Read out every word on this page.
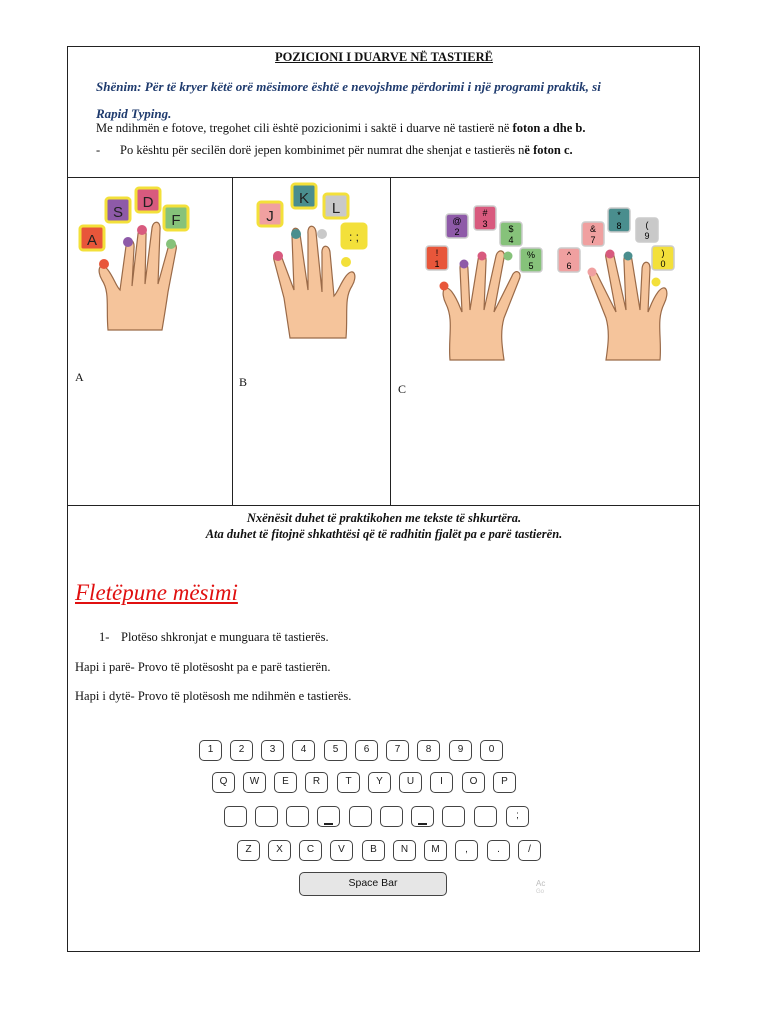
POZICIONI I DUARVE NË TASTIERË
Shënim: Për të kryer këtë orë mësimore është e nevojshme përdorimi i një programi praktik, si
Rapid Typing.
Me ndihmën e fotove, tregohet cili është pozicionimi i saktë i duarve në tastierë në foton a dhe b.
- Po kështu për secilën dorë jepen kombinimet për numrat dhe shenjat e tastierës në foton c.
A
S
D
F
A
J
K
L
: ;
B
!
1
@
2
#
3 $
4
%
5
^
6
&
7
*
8	(
9
)
0
C
Nxënësit duhet të praktikohen me tekste të shkurtëra.
Ata duhet të fitojnë shkathtësi që të radhitin fjalët pa e parë tastierën.
Fletëpune mësimi
1- Plotëso shkronjat e munguara të tastierës.
Hapi i parë- Provo të plotësosht pa e parë tastierën.
Hapi i dytë- Provo të plotësosh me ndihmën e tastierës.
1	2	3	4	5	6	7	8	9	0
Q	W	E	R	T	Y	U	I	O	P
;
Z	X	C	V	B	N	M	,	.	/
Space Bar	Ac
Go
